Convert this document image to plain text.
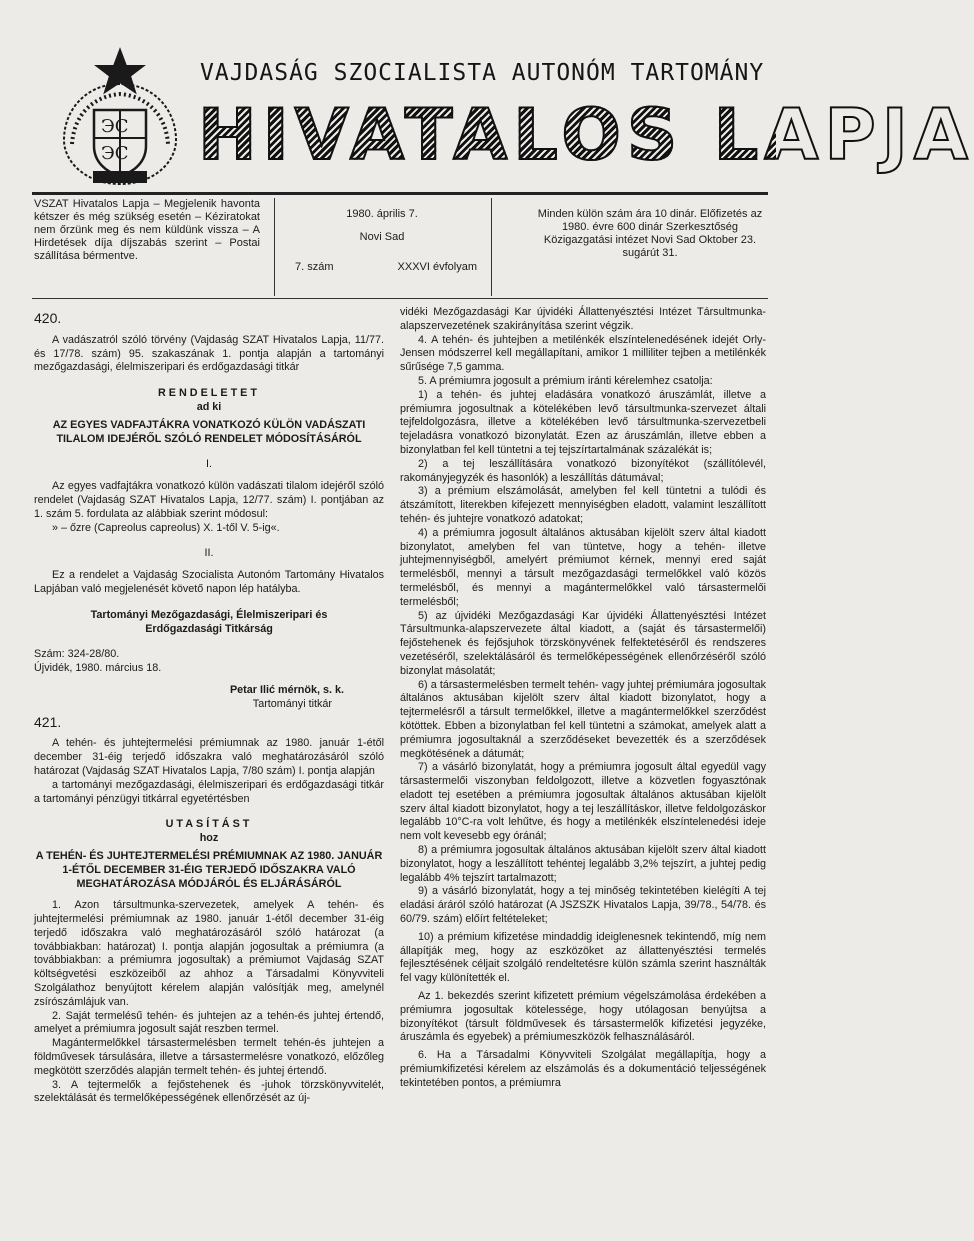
ЭС
ЭС
VAJDASÁG SZOCIALISTA AUTONÓM TARTOMÁNY
HIVATALOS LAPJA
VSZAT Hivatalos Lapja – Megjelenik havonta kétszer és még szükség esetén – Kéziratokat nem őrzünk meg és nem küldünk vissza – A Hirdetések díja díjszabás szerint – Postai szállítása bérmentve.
1980. április 7.
Novi Sad
7. szám	XXXVI évfolyam
Minden külön szám ára 10 dinár. Előfizetés az 1980. évre 600 dinár Szerkesztőség Közigazgatási intézet Novi Sad Oktober 23. sugárút 31.

420.

A vadászatról szóló törvény (Vajdaság SZAT Hivatalos Lapja, 11/77. és 17/78. szám) 95. szakaszának 1. pontja alapján a tartományi mezőgazdasági, élelmiszeripari és erdőgazdasági titkár

RENDELETET

ad ki

AZ EGYES VADFAJTÁKRA VONATKOZÓ KÜLÖN VADÁSZATI TILALOM IDEJÉRŐL SZÓLÓ RENDELET MÓDOSÍTÁSÁRÓL

I.

Az egyes vadfajtákra vonatkozó külön vadászati tilalom idejéről szóló rendelet (Vajdaság SZAT Hivatalos Lapja, 12/77. szám) I. pontjában az 1. szám 5. fordulata az alábbiak szerint módosul:

» – őzre (Capreolus capreolus) X. 1-től V. 5-ig«.

II.

Ez a rendelet a Vajdaság Szocialista Autonóm Tartomány Hivatalos Lapjában való megjelenését követő napon lép hatályba.

Tartományi Mezőgazdasági, Élelmiszeripari és Erdőgazdasági Titkárság

Szám: 324-28/80.

Újvidék, 1980. március 18.

Petar Ilić mérnök, s. k.

Tartományi titkár

421.

A tehén- és juhtejtermelési prémiumnak az 1980. január 1-étől december 31-éig terjedő időszakra való meghatározásáról szóló határozat (Vajdaság SZAT Hivatalos Lapja, 7/80 szám) I. pontja alapján

a tartományi mezőgazdasági, élelmiszeripari és erdőgazdasági titkár a tartományi pénzügyi titkárral egyetértésben

UTASÍTÁST

hoz

A TEHÉN- ÉS JUHTEJTERMELÉSI PRÉMIUMNAK AZ 1980. JANUÁR 1-ÉTŐL DECEMBER 31-ÉIG TERJEDŐ IDŐSZAKRA VALÓ MEGHATÁROZÁSA MÓDJÁRÓL ÉS ELJÁRÁSÁRÓL

1. Azon társultmunka-szervezetek, amelyek A tehén- és juhtejtermelési prémiumnak az 1980. január 1-étől december 31-éig terjedő időszakra való meghatározásáról szóló határozat (a továbbiakban: határozat) I. pontja alapján jogosultak a prémiumra (a továbbiakban: a prémiumra jogosultak) a prémiumot Vajdaság SZAT költségvetési eszközeiből az ahhoz a Társadalmi Könyvviteli Szolgálathoz benyújtott kérelem alapján valósítják meg, amelynél zsírószámlájuk van.

2. Saját termelésű tehén- és juhtejen az a tehén-és juhtej értendő, amelyet a prémiumra jogosult saját reszben termel.

Magántermelőkkel társastermelésben termelt tehén-és juhtejen a földművesek társulására, illetve a társastermelésre vonatkozó, előzőleg megkötött szerződés alapján termelt tehén- és juhtej értendő.

3. A tejtermelők a fejőstehenek és -juhok törzskönyvvitelét, szelektálását és termelőképességének ellenőrzését az új-

vidéki Mezőgazdasági Kar újvidéki Állattenyésztési Intézet Társultmunka-alapszervezetének szakirányítása szerint végzik.

4. A tehén- és juhtejben a metilénkék elszíntelenedésének idejét Orly-Jensen módszerrel kell megállapítani, amikor 1 milliliter tejben a metilénkék sűrűsége 7,5 gamma.

5. A prémiumra jogosult a prémium iránti kérelemhez csatolja:

1) a tehén- és juhtej eladására vonatkozó áruszámlát, illetve a prémiumra jogosultnak a kötelékében levő társultmunka-szervezet általi tejfeldolgozásra, illetve a kötelékében levő társultmunka-szervezetbeli tejeladásra vonatkozó bizonylatát. Ezen az áruszámlán, illetve ebben a bizonylatban fel kell tüntetni a tej tejszírtartalmának százalékát is;

2) a tej leszállítására vonatkozó bizonyítékot (szállítólevél, rakományjegyzék és hasonlók) a leszállítás dátumával;

3) a prémium elszámolását, amelyben fel kell tüntetni a tulódi és átszámított, literekben kifejezett mennyiségben eladott, valamint leszállított tehén- és juhtejre vonatkozó adatokat;

4) a prémiumra jogosult általános aktusában kijelölt szerv által kiadott bizonylatot, amelyben fel van tüntetve, hogy a tehén- illetve juhtejmennyiségből, amelyért prémiumot kérnek, mennyi ered saját termelésből, mennyi a társult mezőgazdasági termelőkkel való közös termelésből, és mennyi a magántermelőkkel való társastermelői termelésből;

5) az újvidéki Mezőgazdasági Kar újvidéki Állattenyésztési Intézet Társultmunka-alapszervezete által kiadott, a (saját és társastermelői) fejőstehenek és fejősjuhok törzskönyvének felfektetéséről és rendszeres vezetéséről, szelektálásáról és termelőképességének ellenőrzéséről szóló bizonylat másolatát;

6) a társastermelésben termelt tehén- vagy juhtej prémiumára jogosultak általános aktusában kijelölt szerv által kiadott bizonylatot, hogy a tejtermelésről a társult termelőkkel, illetve a magántermelőkkel szerződést kötöttek. Ebben a bizonylatban fel kell tüntetni a számokat, amelyek alatt a prémiumra jogosultaknál a szerződéseket bevezették és a szerződések megkötésének a dátumát;

7) a vásárló bizonylatát, hogy a prémiumra jogosult által egyedül vagy társastermelői viszonyban feldolgozott, illetve a közvetlen fogyasztónak eladott tej esetében a prémiumra jogosultak általános aktusában kijelölt szerv által kiadott bizonylatot, hogy a tej leszállításkor, illetve feldolgozáskor legalább 10°C-ra volt lehűtve, és hogy a metilénkék elszíntelenedési ideje nem volt kevesebb egy óránál;

8) a prémiumra jogosultak általános aktusában kijelölt szerv által kiadott bizonylatot, hogy a leszállított tehéntej legalább 3,2% tejszírt, a juhtej pedig legalább 4% tejszírt tartalmazott;

9) a vásárló bizonylatát, hogy a tej minőség tekintetében kielégíti A tej eladási áráról szóló határozat (A JSZSZK Hivatalos Lapja, 39/78., 54/78. és 60/79. szám) előírt feltételeket;

10) a prémium kifizetése mindaddig ideiglenesnek tekintendő, míg nem állapítják meg, hogy az eszközöket az állattenyésztési termelés fejlesztésének céljait szolgáló rendeltetésre külön számla szerint használták fel vagy különítették el.

Az 1. bekezdés szerint kifizetett prémium végelszámolása érdekében a prémiumra jogosultak kötelessége, hogy utólagosan benyújtsa a bizonyítékot (társult földművesek és társastermelők kifizetési jegyzéke, áruszámla és egyebek) a prémiumeszközök felhasználásáról.

6. Ha a Társadalmi Könyvviteli Szolgálat megállapítja, hogy a prémiumkifizetési kérelem az elszámolás és a dokumentáció teljességének tekintetében pontos, a prémiumra
